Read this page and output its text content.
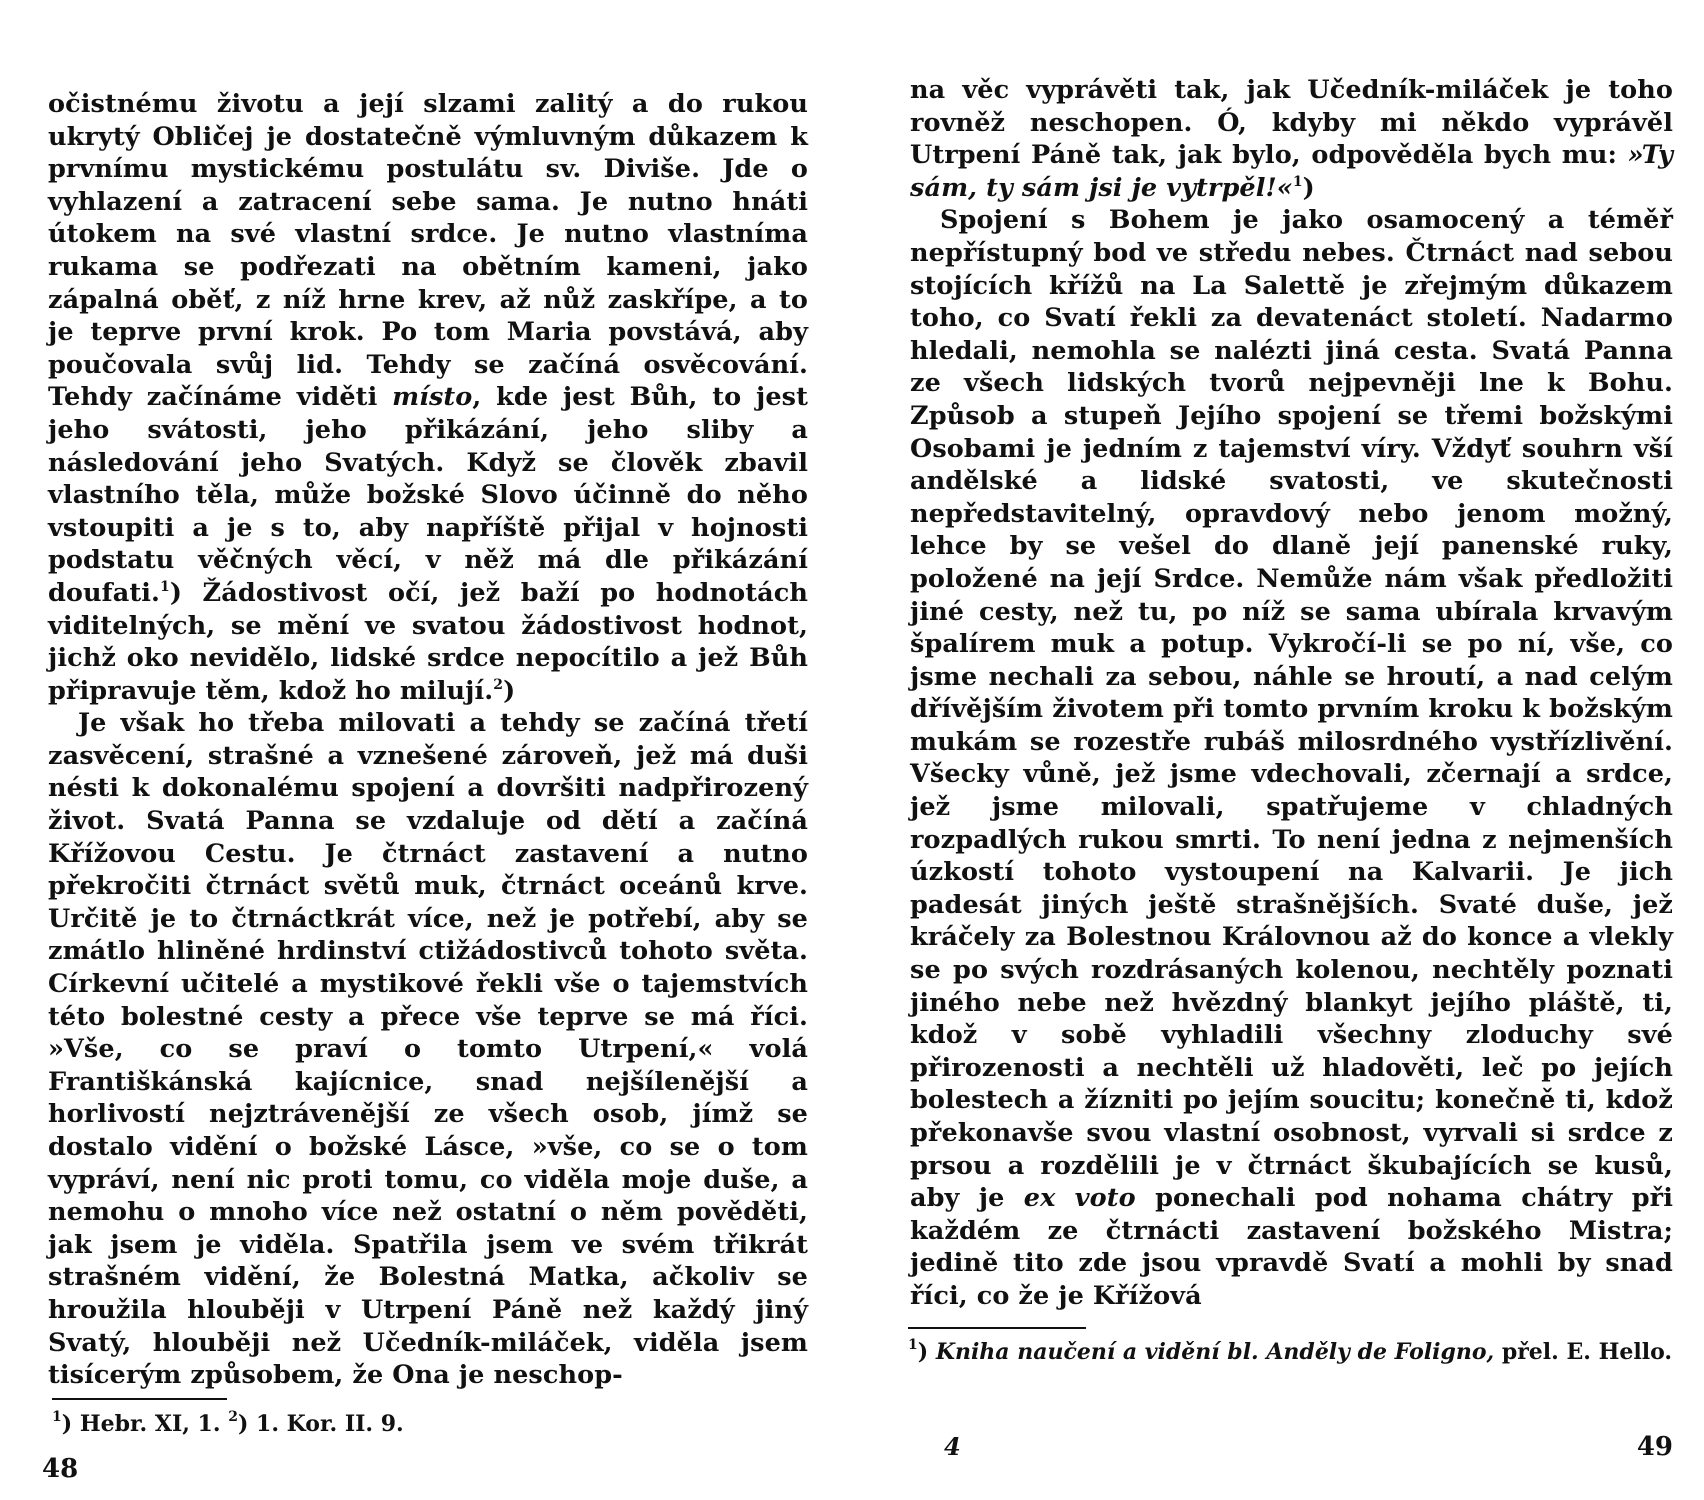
očistnému životu a její slzami zalitý a do rukou ukrytý Obličej je dostatečně výmluvným důkazem k prvnímu mystickému postulátu sv. Diviše. Jde o vyhlazení a zatracení sebe sama. Je nutno hnáti útokem na své vlastní srdce. Je nutno vlastníma rukama se podřezati na obětním kameni, jako zápalná oběť, z níž hrne krev, až nůž zaskřípe, a to je teprve první krok. Po tom Maria povstává, aby poučovala svůj lid. Tehdy se začíná osvěcování. Tehdy začínáme viděti místo, kde jest Bůh, to jest jeho svátosti, jeho přikázání, jeho sliby a následování jeho Svatých. Když se člověk zbavil vlastního těla, může božské Slovo účinně do něho vstoupiti a je s to, aby napříště přijal v hojnosti podstatu věčných věcí, v něž má dle přikázání doufati.$^1$) Žádostivost očí, jež baží po hodnotách viditelných, se mění ve svatou žádostivost hodnot, jichž oko nevidělo, lidské srdce nepocítilo a jež Bůh připravuje těm, kdož ho milují.$^2$)

Je však ho třeba milovati a tehdy se začíná třetí zasvěcení, strašné a vznešené zároveň, jež má duši nésti k dokonalému spojení a dovršiti nadpřirozený život. Svatá Panna se vzdaluje od dětí a začíná Křížovou Cestu. Je čtrnáct zastavení a nutno překročiti čtrnáct světů muk, čtrnáct oceánů krve. Určitě je to čtrnáctkrát více, než je potřebí, aby se zmátlo hliněné hrdinství ctižádostivců tohoto světa. Církevní učitelé a mystikové řekli vše o tajemstvích této bolestné cesty a přece vše teprve se má říci. »Vše, co se praví o tomto Utrpení,« volá Františkánská kajícnice, snad nejšílenější a horlivostí nejztrávenější ze všech osob, jímž se dostalo vidění o božské Lásce, »vše, co se o tom vypráví, není nic proti tomu, co viděla moje duše, a nemohu o mnoho více než ostatní o něm pověděti, jak jsem je viděla. Spatřila jsem ve svém třikrát strašném vidění, že Bolestná Matka, ačkoliv se hroužila hlouběji v Utrpení Páně než každý jiný Svatý, hlouběji než Učedník-miláček, viděla jsem tisícerým způsobem, že Ona je neschop-

$^1$) Hebr. XI, 1. $^2$) 1. Kor. II. 9.
48

na věc vyprávěti tak, jak Učedník-miláček je toho rovněž neschopen. Ó, kdyby mi někdo vyprávěl Utrpení Páně tak, jak bylo, odpověděla bych mu: »Ty sám, ty sám jsi je vytrpěl!«$^1$)

Spojení s Bohem je jako osamocený a téměř nepřístupný bod ve středu nebes. Čtrnáct nad sebou stojících křížů na La Salettě je zřejmým důkazem toho, co Svatí řekli za devatenáct století. Nadarmo hledali, nemohla se nalézti jiná cesta. Svatá Panna ze všech lidských tvorů nejpevněji lne k Bohu. Způsob a stupeň Jejího spojení se třemi božskými Osobami je jedním z tajemství víry. Vždyť souhrn vší andělské a lidské svatosti, ve skutečnosti nepředstavitelný, opravdový nebo jenom možný, lehce by se vešel do dlaně její panenské ruky, položené na její Srdce. Nemůže nám však předložiti jiné cesty, než tu, po níž se sama ubírala krvavým špalírem muk a potup. Vykročí-li se po ní, vše, co jsme nechali za sebou, náhle se hroutí, a nad celým dřívějším životem při tomto prvním kroku k božským mukám se rozestře rubáš milosrdného vystřízlivění. Všecky vůně, jež jsme vdechovali, zčernají a srdce, jež jsme milovali, spatřujeme v chladných rozpadlých rukou smrti. To není jedna z nejmenších úzkostí tohoto vystoupení na Kalvarii. Je jich padesát jiných ještě strašnějších. Svaté duše, jež kráčely za Bolestnou Královnou až do konce a vlekly se po svých rozdrásaných kolenou, nechtěly poznati jiného nebe než hvězdný blankyt jejího pláště, ti, kdož v sobě vyhladili všechny zloduchy své přirozenosti a nechtěli už hladověti, leč po jejích bolestech a žízniti po jejím soucitu; konečně ti, kdož překonavše svou vlastní osobnost, vyrvali si srdce z prsou a rozdělili je v čtrnáct škubajících se kusů, aby je ex voto ponechali pod nohama chátry při každém ze čtrnácti zastavení božského Mistra; jedině tito zde jsou vpravdě Svatí a mohli by snad říci, co že je Křížová

$^1$) Kniha naučení a vidění bl. Anděly de Foligno, přel. E. Hello.
4	49
